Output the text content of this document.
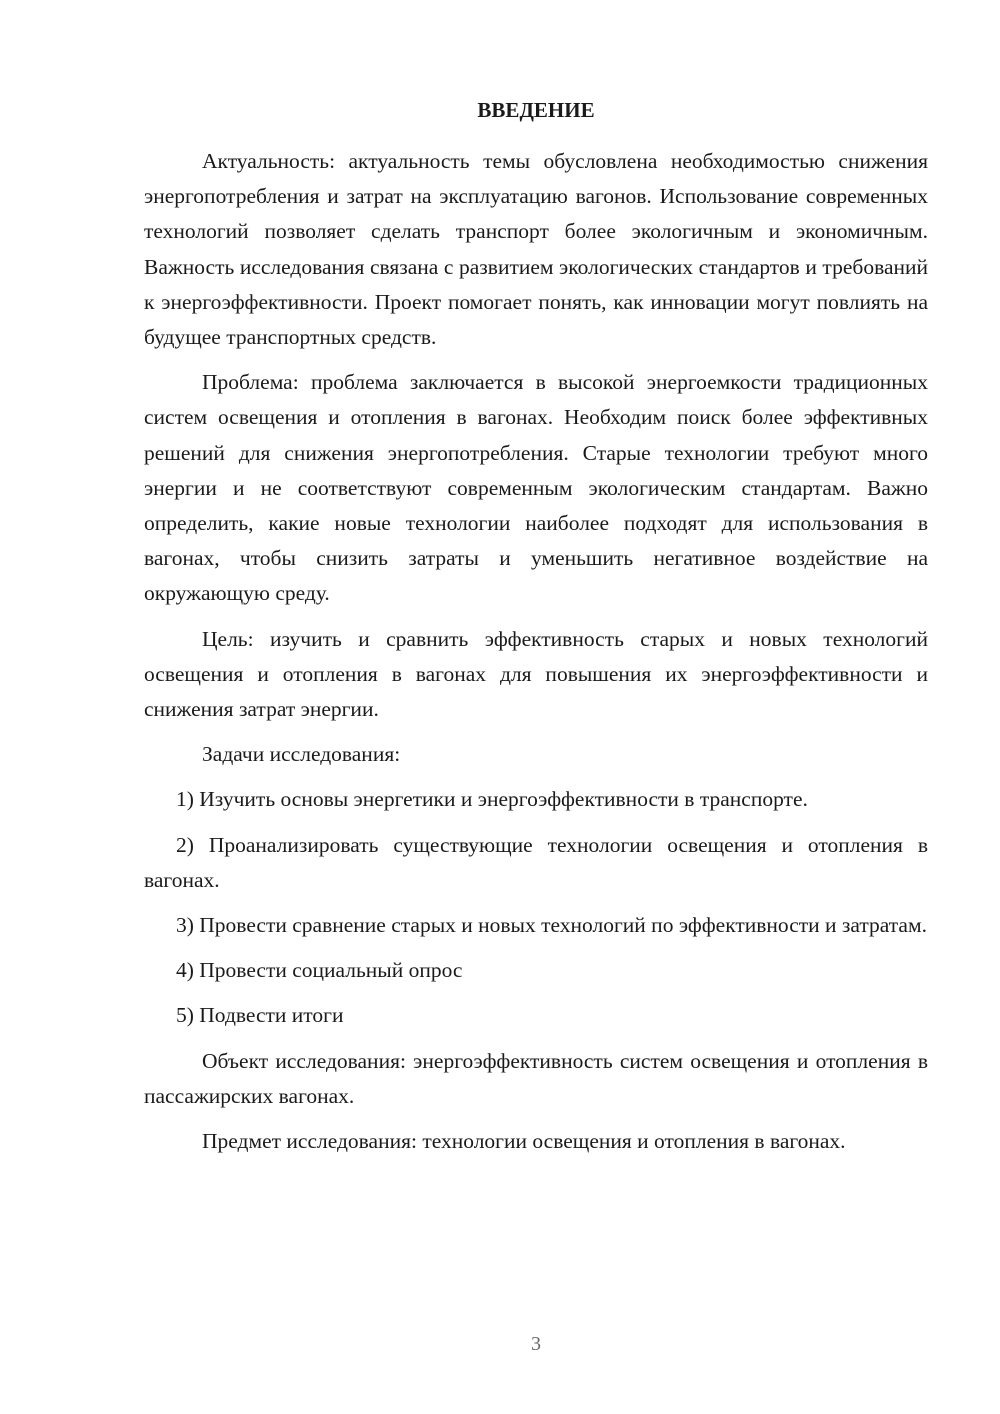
ВВЕДЕНИЕ

Актуальность: актуальность темы обусловлена необходимостью снижения энергопотребления и затрат на эксплуатацию вагонов. Использование современных технологий позволяет сделать транспорт более экологичным и экономичным. Важность исследования связана с развитием экологических стандартов и требований к энергоэффективности. Проект помогает понять, как инновации могут повлиять на будущее транспортных средств.

Проблема: проблема заключается в высокой энергоемкости традиционных систем освещения и отопления в вагонах. Необходим поиск более эффективных решений для снижения энергопотребления. Старые технологии требуют много энергии и не соответствуют современным экологическим стандартам. Важно определить, какие новые технологии наиболее подходят для использования в вагонах, чтобы снизить затраты и уменьшить негативное воздействие на окружающую среду.

Цель: изучить и сравнить эффективность старых и новых технологий освещения и отопления в вагонах для повышения их энергоэффективности и снижения затрат энергии.

Задачи исследования:

1) Изучить основы энергетики и энергоэффективности в транспорте.

2) Проанализировать существующие технологии освещения и отопления в вагонах.

3) Провести сравнение старых и новых технологий по эффективности и затратам.

4) Провести социальный опрос

5) Подвести итоги

Объект исследования: энергоэффективность систем освещения и отопления в пассажирских вагонах.

Предмет исследования: технологии освещения и отопления в вагонах.

3
